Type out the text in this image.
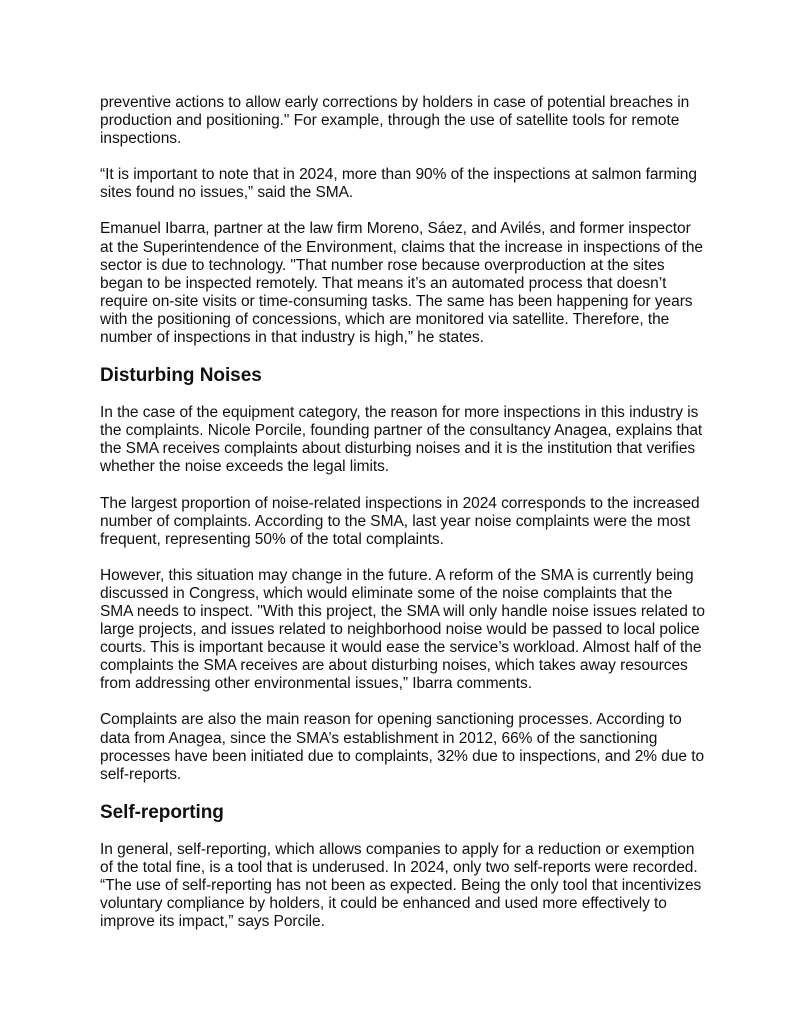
preventive actions to allow early corrections by holders in case of potential breaches in production and positioning." For example, through the use of satellite tools for remote inspections.

“It is important to note that in 2024, more than 90% of the inspections at salmon farming sites found no issues,” said the SMA.

Emanuel Ibarra, partner at the law firm Moreno, Sáez, and Avilés, and former inspector at the Superintendence of the Environment, claims that the increase in inspections of the sector is due to technology. "That number rose because overproduction at the sites began to be inspected remotely. That means it’s an automated process that doesn’t require on-site visits or time-consuming tasks. The same has been happening for years with the positioning of concessions, which are monitored via satellite. Therefore, the number of inspections in that industry is high,” he states.

Disturbing Noises

In the case of the equipment category, the reason for more inspections in this industry is the complaints. Nicole Porcile, founding partner of the consultancy Anagea, explains that the SMA receives complaints about disturbing noises and it is the institution that verifies whether the noise exceeds the legal limits.

The largest proportion of noise-related inspections in 2024 corresponds to the increased number of complaints. According to the SMA, last year noise complaints were the most frequent, representing 50% of the total complaints.

However, this situation may change in the future. A reform of the SMA is currently being discussed in Congress, which would eliminate some of the noise complaints that the SMA needs to inspect. "With this project, the SMA will only handle noise issues related to large projects, and issues related to neighborhood noise would be passed to local police courts. This is important because it would ease the service’s workload. Almost half of the complaints the SMA receives are about disturbing noises, which takes away resources from addressing other environmental issues,” Ibarra comments.

Complaints are also the main reason for opening sanctioning processes. According to data from Anagea, since the SMA’s establishment in 2012, 66% of the sanctioning processes have been initiated due to complaints, 32% due to inspections, and 2% due to self-reports.

Self-reporting

In general, self-reporting, which allows companies to apply for a reduction or exemption of the total fine, is a tool that is underused. In 2024, only two self-reports were recorded. “The use of self-reporting has not been as expected. Being the only tool that incentivizes voluntary compliance by holders, it could be enhanced and used more effectively to improve its impact,” says Porcile.
